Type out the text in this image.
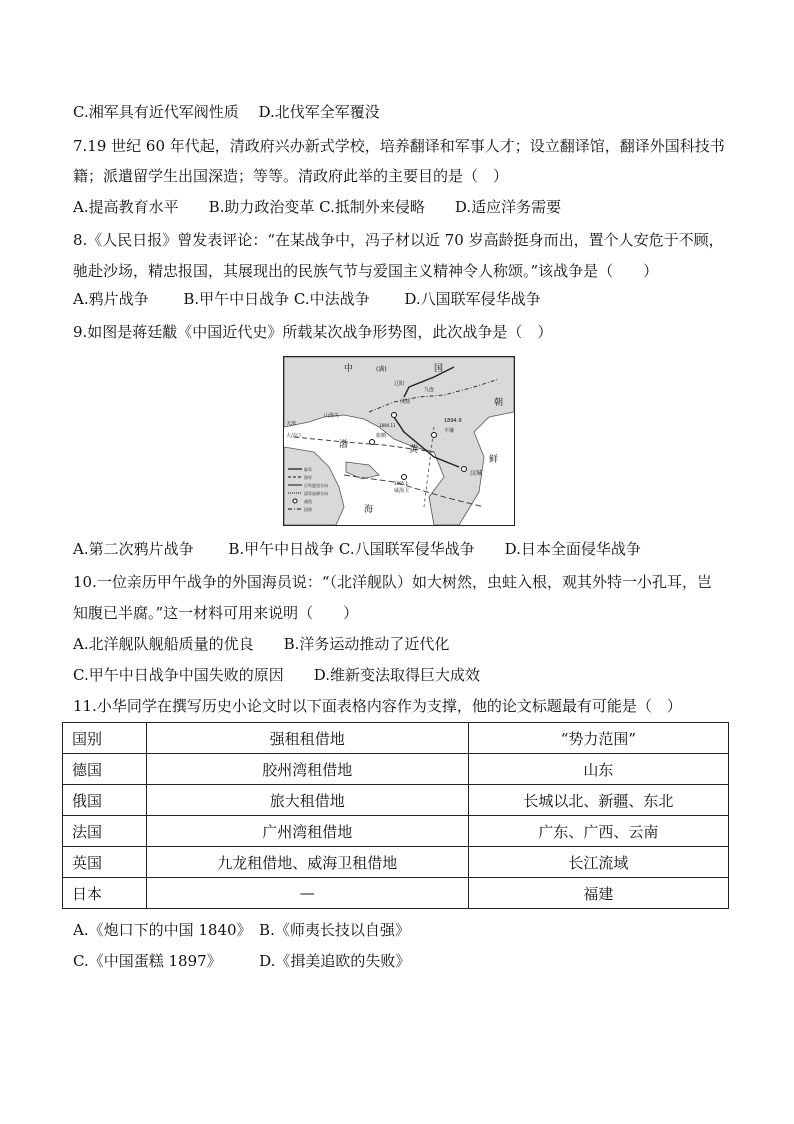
C.湘军具有近代军阀性质　 D.北伐军全军覆没
7.19 世纪 60 年代起，清政府兴办新式学校，培养翻译和军事人才；设立翻译馆，翻译外国科技书
籍；派遣留学生出国深造；等等。清政府此举的主要目的是（　）
A.提高教育水平　　B.助力政治变革 C.抵制外来侵略　　D.适应洋务需要
8.《人民日报》曾发表评论：“在某战争中，冯子材以近 70 岁高龄挺身而出，置个人安危于不顾，
驰赴沙场，精忠报国，其展现出的民族气节与爱国主义精神令人称颂。”该战争是（　　）
A.鸦片战争　　 B.甲午中日战争 C.中法战争　　 D.八国联军侵华战争
9.如图是蒋廷黻《中国近代史》所载某次战争形势图，此次战争是（　）
中	国
(满)
辽阳
凤凰
九连
朝
鲜
山海关
天津
大沽口
渤
海
黄
旅顺
威海卫
平壤
汉城
1894.9
1894.11
1895.1
陆军
海军
日军进攻方向
清军退却方向
战役
国界
A.第二次鸦片战争　　 B.甲午中日战争 C.八国联军侵华战争　　D.日本全面侵华战争
10.一位亲历甲午战争的外国海员说：“（北洋舰队）如大树然，虫蛀入根，观其外特一小孔耳，岂
知腹已半腐。”这一材料可用来说明（　　）
A.北洋舰队舰船质量的优良　　B.洋务运动推动了近代化
C.甲午中日战争中国失败的原因　　D.维新变法取得巨大成效
11.小华同学在撰写历史小论文时以下面表格内容作为支撑，他的论文标题最有可能是（　）
国别	强租租借地	“势力范围”
德国	胶州湾租借地	山东
俄国	旅大租借地	长城以北、新疆、东北
法国	广州湾租借地	广东、广西、云南
英国	九龙租借地、威海卫租借地	长江流域
日本	—	福建
A.《炮口下的中国 1840》　B.《师夷长技以自强》
C.《中国蛋糕 1897》　　　D.《揖美追欧的失败》
